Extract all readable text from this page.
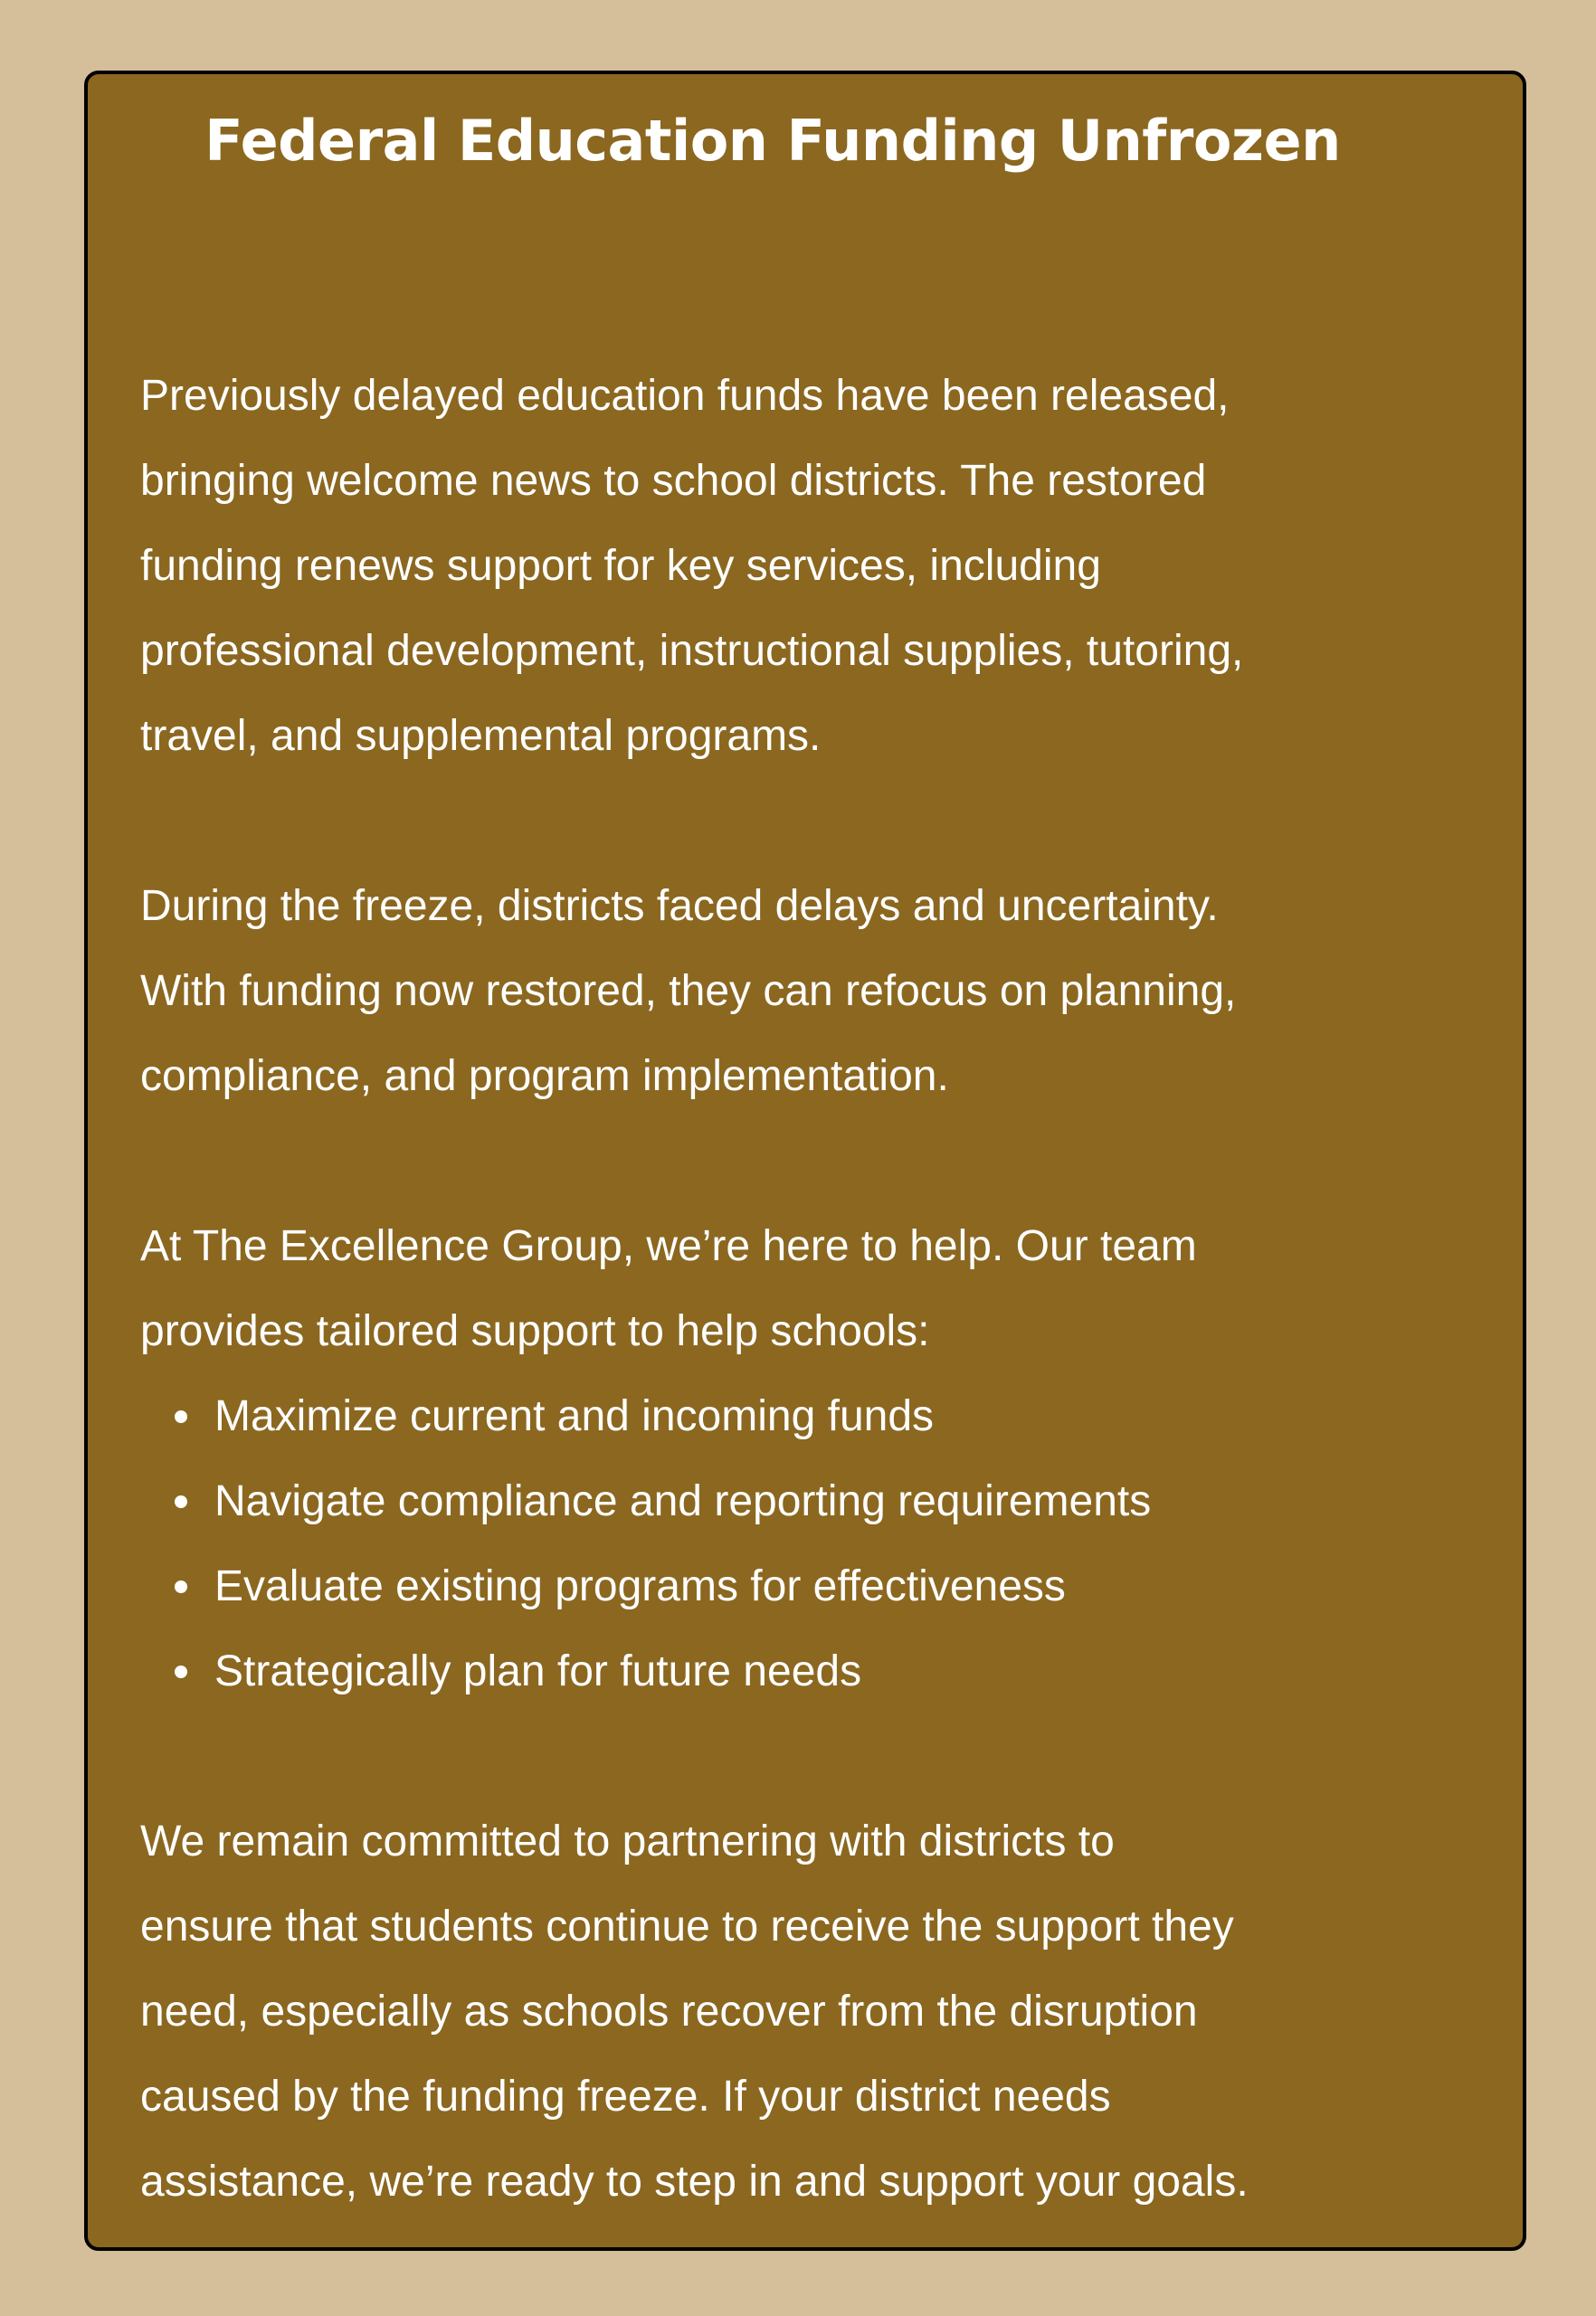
Federal Education Funding Unfrozen

Previously delayed education funds have been released,
bringing welcome news to school districts. The restored
funding renews support for key services, including
professional development, instructional supplies, tutoring,
travel, and supplemental programs.

During the freeze, districts faced delays and uncertainty.
With funding now restored, they can refocus on planning,
compliance, and program implementation.

At The Excellence Group, we’re here to help. Our team
provides tailored support to help schools:

Maximize current and incoming funds
Navigate compliance and reporting requirements
Evaluate existing programs for effectiveness
Strategically plan for future needs

We remain committed to partnering with districts to
ensure that students continue to receive the support they
need, especially as schools recover from the disruption
caused by the funding freeze. If your district needs
assistance, we’re ready to step in and support your goals.
